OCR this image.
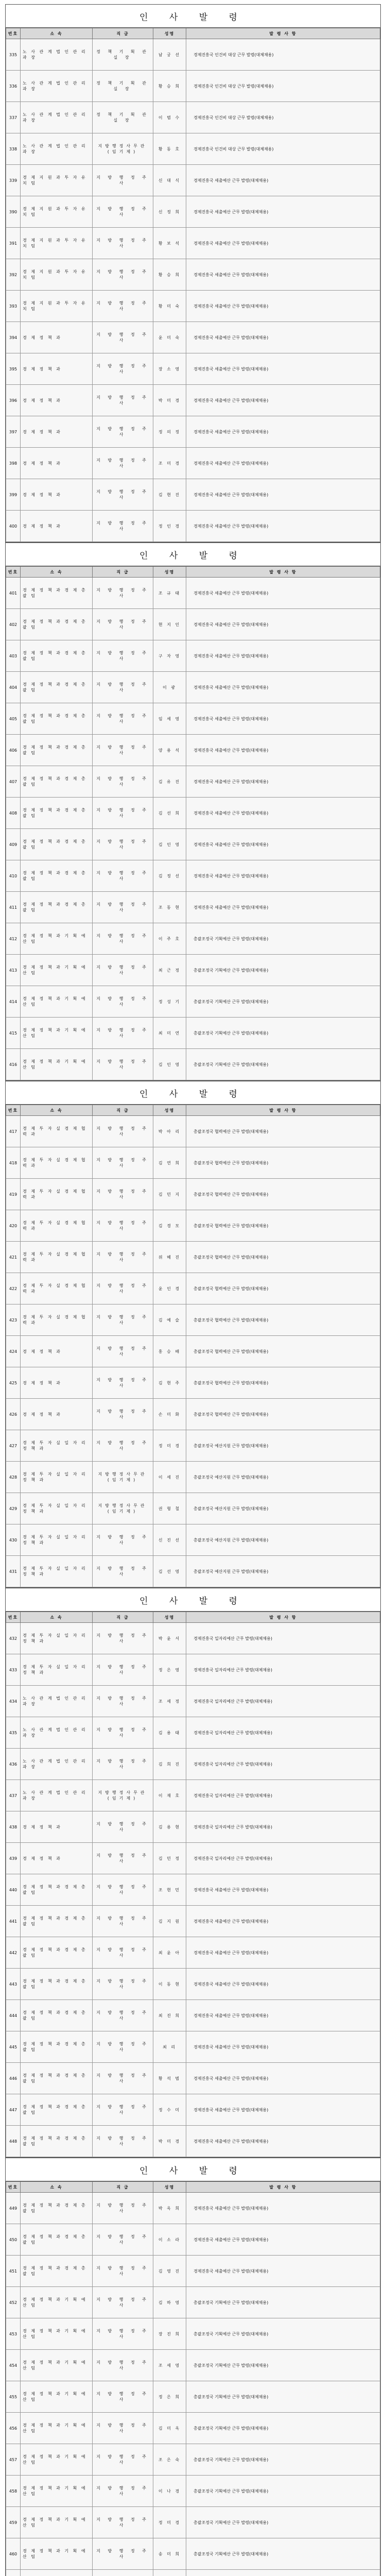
인 사 발 령
번호	소 속	직 급	성명	발 령 사 항
335	노 사 관 계 법 인 관 리 과 장	정 책 기 획 관 실 장	남 궁 선	경제진흥국 인건비 대상 근무 발령(대체채용)
336	노 사 관 계 법 인 관 리 과 장	정 책 기 획 관 실 장	황 승 희	경제진흥국 인건비 대상 근무 발령(대체채용)
337	노 사 관 계 법 인 관 리 과 장	정 책 기 획 관 실 장	이 범 수	경제진흥국 인건비 대상 근무 발령(대체채용)
338	노 사 관 계 법 인 관 리 과 장	지방행정사무관 (임기제)	황 동 호	경제진흥국 인건비 대상 근무 발령(대체채용)
339	경 제 지 원 과 투 자 유 치 팀	지 방 행 정 주 사	신 대 식	경제진흥국 세출예산 근무 발령(대체채용)
390	경 제 지 원 과 투 자 유 치 팀	지 방 행 정 주 사	신 정 희	경제진흥국 세출예산 근무 발령(대체채용)
391	경 제 지 원 과 투 자 유 치 팀	지 방 행 정 주 사	황 보 석	경제진흥국 세출예산 근무 발령(대체채용)
392	경 제 지 원 과 투 자 유 치 팀	지 방 행 정 주 사	황 승 희	경제진흥국 세출예산 근무 발령(대체채용)
393	경 제 지 원 과 투 자 유 치 팀	지 방 행 정 주 사	황 미 숙	경제진흥국 세출예산 근무 발령(대체채용)
394	경 제 정 책 과	지 방 행 정 주 사	윤 미 숙	경제진흥국 세출예산 근무 발령(대체채용)
395	경 제 정 책 과	지 방 행 정 주 사	장 소 영	경제진흥국 세출예산 근무 발령(대체채용)
396	경 제 정 책 과	지 방 행 정 주 사	박 미 경	경제진흥국 세출예산 근무 발령(대체채용)
397	경 제 정 책 과	지 방 행 정 주 사	정 의 정	경제진흥국 세출예산 근무 발령(대체채용)
398	경 제 정 책 과	지 방 행 정 주 사	조 미 경	경제진흥국 세출예산 근무 발령(대체채용)
399	경 제 정 책 과	지 방 행 정 주 사	김 현 진	경제진흥국 세출예산 근무 발령(대체채용)
400	경 제 정 책 과	지 방 행 정 주 사	정 인 경	경제진흥국 세출예산 근무 발령(대체채용)
인 사 발 령
번호	소 속	직 급	성명	발 령 사 항
401	경 제 정 책 과 경 제 총 괄 팀	지 방 행 정 주 사	조 규 태	경제진흥국 세출예산 근무 발령(대체채용)
402	경 제 정 책 과 경 제 총 괄 팀	지 방 행 정 주 사	현 지 인	경제진흥국 세출예산 근무 발령(대체채용)
403	경 제 정 책 과 경 제 총 괄 팀	지 방 행 정 주 사	구 자 영	경제진흥국 세출예산 근무 발령(대체채용)
404	경 제 정 책 과 경 제 총 괄 팀	지 방 행 정 주 사	이 광	경제진흥국 세출예산 근무 발령(대체채용)
405	경 제 정 책 과 경 제 총 괄 팀	지 방 행 정 주 사	임 세 영	경제진흥국 세출예산 근무 발령(대체채용)
406	경 제 정 책 과 경 제 총 괄 팀	지 방 행 정 주 사	양 용 석	경제진흥국 세출예산 근무 발령(대체채용)
407	경 제 정 책 과 경 제 총 괄 팀	지 방 행 정 주 사	김 유 진	경제진흥국 세출예산 근무 발령(대체채용)
408	경 제 정 책 과 경 제 총 괄 팀	지 방 행 정 주 사	김 선 희	경제진흥국 세출예산 근무 발령(대체채용)
409	경 제 정 책 과 경 제 총 괄 팀	지 방 행 정 주 사	김 인 영	경제진흥국 세출예산 근무 발령(대체채용)
410	경 제 정 책 과 경 제 총 괄 팀	지 방 행 정 주 사	김 정 선	경제진흥국 세출예산 근무 발령(대체채용)
411	경 제 정 책 과 경 제 총 괄 팀	지 방 행 정 주 사	조 동 현	경제진흥국 세출예산 근무 발령(대체채용)
412	경 제 정 책 과 기 획 예 산 팀	지 방 행 정 주 사	이 주 호	총괄조정국 기획예산 근무 발령(대체채용)
413	경 제 정 책 과 기 획 예 산 팀	지 방 행 정 주 사	최 근 정	총괄조정국 기획예산 근무 발령(대체채용)
414	경 제 정 책 과 기 획 예 산 팀	지 방 행 정 주 사	정 성 기	총괄조정국 기획예산 근무 발령(대체채용)
415	경 제 정 책 과 기 획 예 산 팀	지 방 행 정 주 사	최 미 연	총괄조정국 기획예산 근무 발령(대체채용)
416	경 제 정 책 과 기 획 예 산 팀	지 방 행 정 주 사	김 인 영	총괄조정국 기획예산 근무 발령(대체채용)
인 사 발 령
번호	소 속	직 급	성명	발 령 사 항
417	경 제 투 자 실 경 제 협 력 과	지 방 행 정 주 사	박 아 리	총괄조정국 협력예산 근무 발령(대체채용)
418	경 제 투 자 실 경 제 협 력 과	지 방 행 정 주 사	김 연 희	총괄조정국 협력예산 근무 발령(대체채용)
419	경 제 투 자 실 경 제 협 력 과	지 방 행 정 주 사	김 민 지	총괄조정국 협력예산 근무 발령(대체채용)
420	경 제 투 자 실 경 제 협 력 과	지 방 행 정 주 사	김 경 모	총괄조정국 협력예산 근무 발령(대체채용)
421	경 제 투 자 실 경 제 협 력 과	지 방 행 정 주 사	위 혜 진	총괄조정국 협력예산 근무 발령(대체채용)
422	경 제 투 자 실 경 제 협 력 과	지 방 행 정 주 사	윤 인 경	총괄조정국 협력예산 근무 발령(대체채용)
423	경 제 투 자 실 경 제 협 력 과	지 방 행 정 주 사	김 예 슬	총괄조정국 협력예산 근무 발령(대체채용)
424	경 제 정 책 과	지 방 행 정 주 사	홍 승 배	총괄조정국 협력예산 근무 발령(대체채용)
425	경 제 정 책 과	지 방 행 정 주 사	김 현 주	총괄조정국 협력예산 근무 발령(대체채용)
426	경 제 정 책 과	지 방 행 정 주 사	손 미 화	총괄조정국 협력예산 근무 발령(대체채용)
427	경 제 투 자 실 일 자 리 정 책 과	지 방 행 정 주 사	정 미 경	총괄조정국 예산지원 근무 발령(대체채용)
428	경 제 투 자 실 일 자 리 정 책 과	지방행정사무관 (임기제)	이 세 진	총괄조정국 예산지원 근무 발령(대체채용)
429	경 제 투 자 실 일 자 리 정 책 과	지방행정사무관 (임기제)	권 형 철	총괄조정국 예산지원 근무 발령(대체채용)
430	경 제 투 자 실 일 자 리 정 책 과	지 방 행 정 주 사	신 진 선	총괄조정국 예산지원 근무 발령(대체채용)
431	경 제 투 자 실 일 자 리 정 책 과	지 방 행 정 주 사	김 선 영	총괄조정국 예산지원 근무 발령(대체채용)
인 사 발 령
번호	소 속	직 급	성명	발 령 사 항
432	경 제 투 자 실 일 자 리 정 책 과	지 방 행 정 주 사	박 윤 서	경제진흥국 일자리예산 근무 발령(대체채용)
433	경 제 투 자 실 일 자 리 정 책 과	지 방 행 정 주 사	정 은 영	경제진흥국 일자리예산 근무 발령(대체채용)
434	노 사 관 계 법 인 관 리 과 장	지 방 행 정 주 사	조 세 정	경제진흥국 일자리예산 근무 발령(대체채용)
435	노 사 관 계 법 인 관 리 과 장	지 방 행 정 주 사	김 용 태	경제진흥국 일자리예산 근무 발령(대체채용)
436	노 사 관 계 법 인 관 리 과 장	지 방 행 정 주 사	김 희 진	경제진흥국 일자리예산 근무 발령(대체채용)
437	노 사 관 계 법 인 관 리 과 장	지방행정사무관 (임기제)	이 재 호	경제진흥국 일자리예산 근무 발령(대체채용)
438	경 제 정 책 과	지 방 행 정 주 사	김 용 현	경제진흥국 일자리예산 근무 발령(대체채용)
439	경 제 정 책 과	지 방 행 정 주 사	김 민 정	경제진흥국 일자리예산 근무 발령(대체채용)
440	경 제 정 책 과 경 제 총 괄 팀	지 방 행 정 주 사	조 현 민	경제진흥국 세출예산 근무 발령(대체채용)
441	경 제 정 책 과 경 제 총 괄 팀	지 방 행 정 주 사	김 지 원	경제진흥국 세출예산 근무 발령(대체채용)
442	경 제 정 책 과 경 제 총 괄 팀	지 방 행 정 주 사	최 윤 아	경제진흥국 세출예산 근무 발령(대체채용)
443	경 제 정 책 과 경 제 총 괄 팀	지 방 행 정 주 사	이 동 현	경제진흥국 세출예산 근무 발령(대체채용)
444	경 제 정 책 과 경 제 총 괄 팀	지 방 행 정 주 사	최 진 희	경제진흥국 세출예산 근무 발령(대체채용)
445	경 제 정 책 과 경 제 총 괄 팀	지 방 행 정 주 사	최 리	경제진흥국 세출예산 근무 발령(대체채용)
446	경 제 정 책 과 경 제 총 괄 팀	지 방 행 정 주 사	황 석 범	경제진흥국 세출예산 근무 발령(대체채용)
447	경 제 정 책 과 경 제 총 괄 팀	지 방 행 정 주 사	정 수 미	경제진흥국 세출예산 근무 발령(대체채용)
448	경 제 정 책 과 경 제 총 괄 팀	지 방 행 정 주 사	박 미 경	경제진흥국 세출예산 근무 발령(대체채용)
인 사 발 령
번호	소 속	직 급	성명	발 령 사 항
449	경 제 정 책 과 경 제 총 괄 팀	지 방 행 정 주 사	박 옥 희	경제진흥국 세출예산 근무 발령(대체채용)
450	경 제 정 책 과 경 제 총 괄 팀	지 방 행 정 주 사	이 소 라	경제진흥국 세출예산 근무 발령(대체채용)
451	경 제 정 책 과 경 제 총 괄 팀	지 방 행 정 주 사	김 영 진	경제진흥국 세출예산 근무 발령(대체채용)
452	경 제 정 책 과 기 획 예 산 팀	지 방 행 정 주 사	김 하 영	총괄조정국 기획예산 근무 발령(대체채용)
453	경 제 정 책 과 기 획 예 산 팀	지 방 행 정 주 사	장 진 희	총괄조정국 기획예산 근무 발령(대체채용)
454	경 제 정 책 과 기 획 예 산 팀	지 방 행 정 주 사	조 세 영	총괄조정국 기획예산 근무 발령(대체채용)
455	경 제 정 책 과 기 획 예 산 팀	지 방 행 정 주 사	정 은 희	총괄조정국 기획예산 근무 발령(대체채용)
456	경 제 정 책 과 기 획 예 산 팀	지 방 행 정 주 사	김 미 옥	총괄조정국 기획예산 근무 발령(대체채용)
457	경 제 정 책 과 기 획 예 산 팀	지 방 행 정 주 사	조 은 숙	총괄조정국 기획예산 근무 발령(대체채용)
458	경 제 정 책 과 기 획 예 산 팀	지 방 행 정 주 사	이 나 경	총괄조정국 기획예산 근무 발령(대체채용)
459	경 제 정 책 과 기 획 예 산 팀	지 방 행 정 주 사	정 미 경	총괄조정국 기획예산 근무 발령(대체채용)
460	경 제 정 책 과 기 획 예 산 팀	지 방 행 정 주 사	송 미 희	총괄조정국 기획예산 근무 발령(대체채용)
